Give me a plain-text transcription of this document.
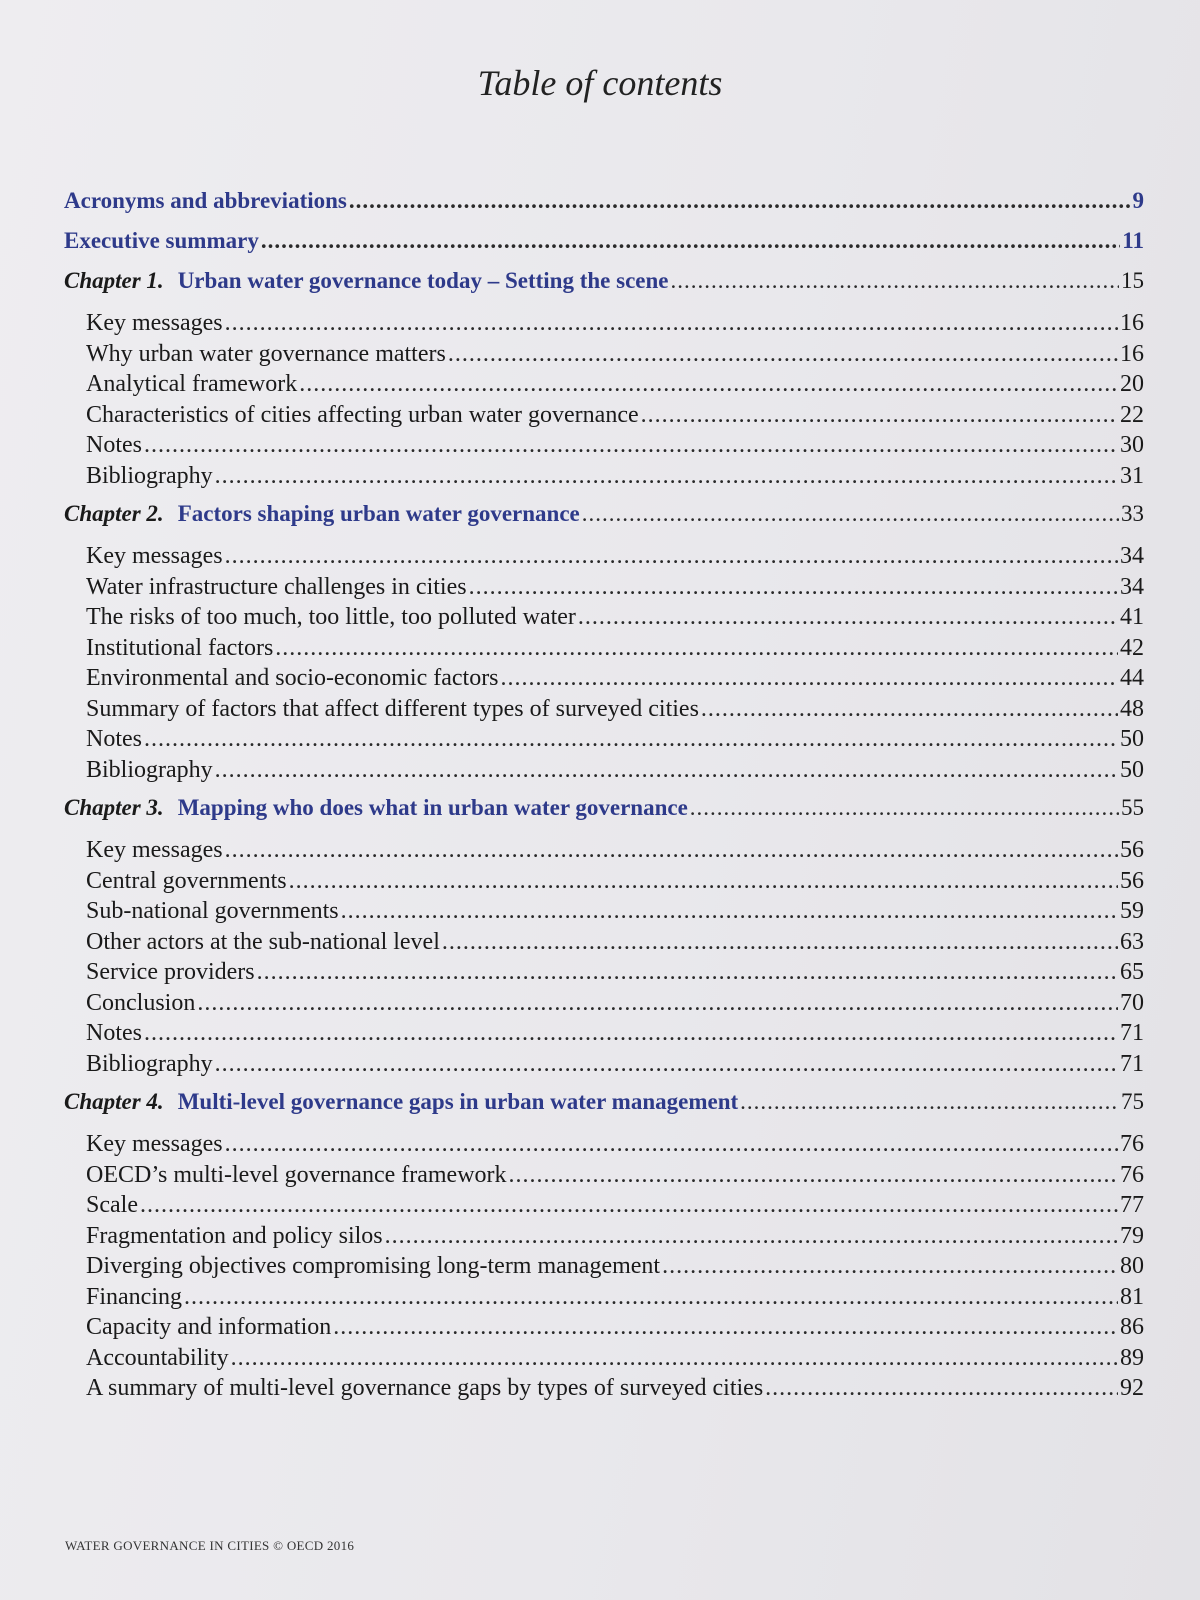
Table of contents
Acronyms and abbreviations .....	9
Executive summary .....	11
Chapter 1. Urban water governance today – Setting the scene .....	15
Key messages .....	16
Why urban water governance matters .....	16
Analytical framework .....	20
Characteristics of cities affecting urban water governance .....	22
Notes .....	30
Bibliography .....	31
Chapter 2. Factors shaping urban water governance .....	33
Key messages .....	34
Water infrastructure challenges in cities .....	34
The risks of too much, too little, too polluted water .....	41
Institutional factors .....	42
Environmental and socio-economic factors .....	44
Summary of factors that affect different types of surveyed cities .....	48
Notes .....	50
Bibliography .....	50
Chapter 3. Mapping who does what in urban water governance .....	55
Key messages .....	56
Central governments .....	56
Sub-national governments .....	59
Other actors at the sub-national level .....	63
Service providers .....	65
Conclusion .....	70
Notes .....	71
Bibliography .....	71
Chapter 4. Multi-level governance gaps in urban water management .....	75
Key messages .....	76
OECD’s multi-level governance framework .....	76
Scale .....	77
Fragmentation and policy silos .....	79
Diverging objectives compromising long-term management .....	80
Financing .....	81
Capacity and information .....	86
Accountability .....	89
A summary of multi-level governance gaps by types of surveyed cities .....	92
WATER GOVERNANCE IN CITIES © OECD 2016
